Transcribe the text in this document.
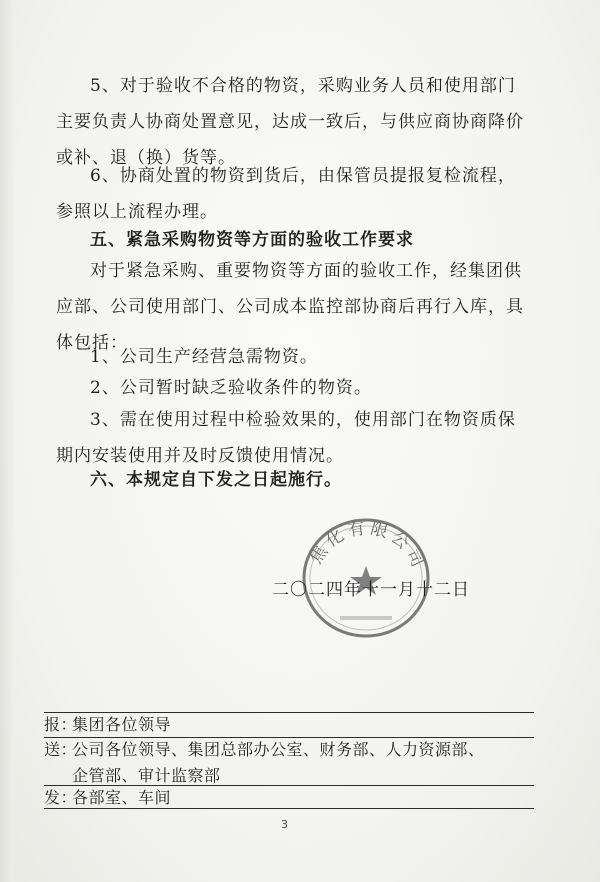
5、对于验收不合格的物资，采购业务人员和使用部门主要负责人协商处置意见，达成一致后，与供应商协商降价或补、退（换）货等。

6、协商处置的物资到货后，由保管员提报复检流程，参照以上流程办理。

五、紧急采购物资等方面的验收工作要求

对于紧急采购、重要物资等方面的验收工作，经集团供应部、公司使用部门、公司成本监控部协商后再行入库，具体包括：

1、公司生产经营急需物资。

2、公司暂时缺乏验收条件的物资。

3、需在使用过程中检验效果的，使用部门在物资质保期内安装使用并及时反馈使用情况。

六、本规定自下发之日起施行。

焦化有限公司
二〇二四年十一月十二日
报：集团各位领导
送：公司各位领导、集团总部办公室、财务部、人力资源部、
企管部、审计监察部
发：各部室、车间
3
